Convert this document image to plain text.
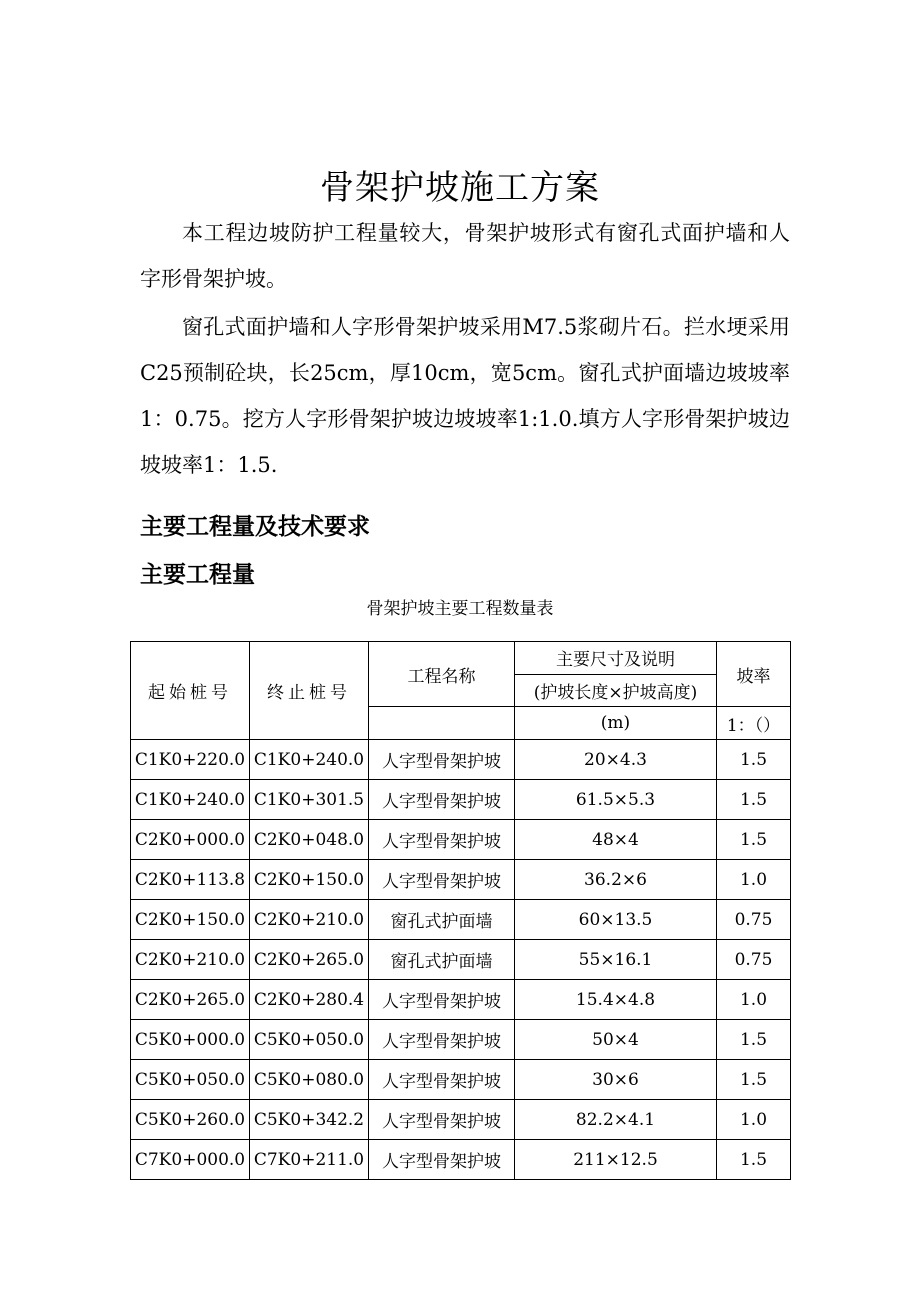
骨架护坡施工方案
本工程边坡防护工程量较大，骨架护坡形式有窗孔式面护墙和人字形骨架护坡。
窗孔式面护墙和人字形骨架护坡采用M7.5浆砌片石。拦水埂采用C25预制砼块，长25cm，厚10cm，宽5cm。窗孔式护面墙边坡坡率1：0.75。挖方人字形骨架护坡边坡坡率1:1.0.填方人字形骨架护坡边坡坡率1：1.5.
主要工程量及技术要求
主要工程量
骨架护坡主要工程数量表
起始桩号	终止桩号	工程名称	主要尺寸及说明	坡率
			(护坡长度×护坡高度)	
			(m)	1：（）
C1K0+220.0	C1K0+240.0	人字型骨架护坡	20×4.3	1.5
C1K0+240.0	C1K0+301.5	人字型骨架护坡	61.5×5.3	1.5
C2K0+000.0	C2K0+048.0	人字型骨架护坡	48×4	1.5
C2K0+113.8	C2K0+150.0	人字型骨架护坡	36.2×6	1.0
C2K0+150.0	C2K0+210.0	窗孔式护面墙	60×13.5	0.75
C2K0+210.0	C2K0+265.0	窗孔式护面墙	55×16.1	0.75
C2K0+265.0	C2K0+280.4	人字型骨架护坡	15.4×4.8	1.0
C5K0+000.0	C5K0+050.0	人字型骨架护坡	50×4	1.5
C5K0+050.0	C5K0+080.0	人字型骨架护坡	30×6	1.5
C5K0+260.0	C5K0+342.2	人字型骨架护坡	82.2×4.1	1.0
C7K0+000.0	C7K0+211.0	人字型骨架护坡	211×12.5	1.5
